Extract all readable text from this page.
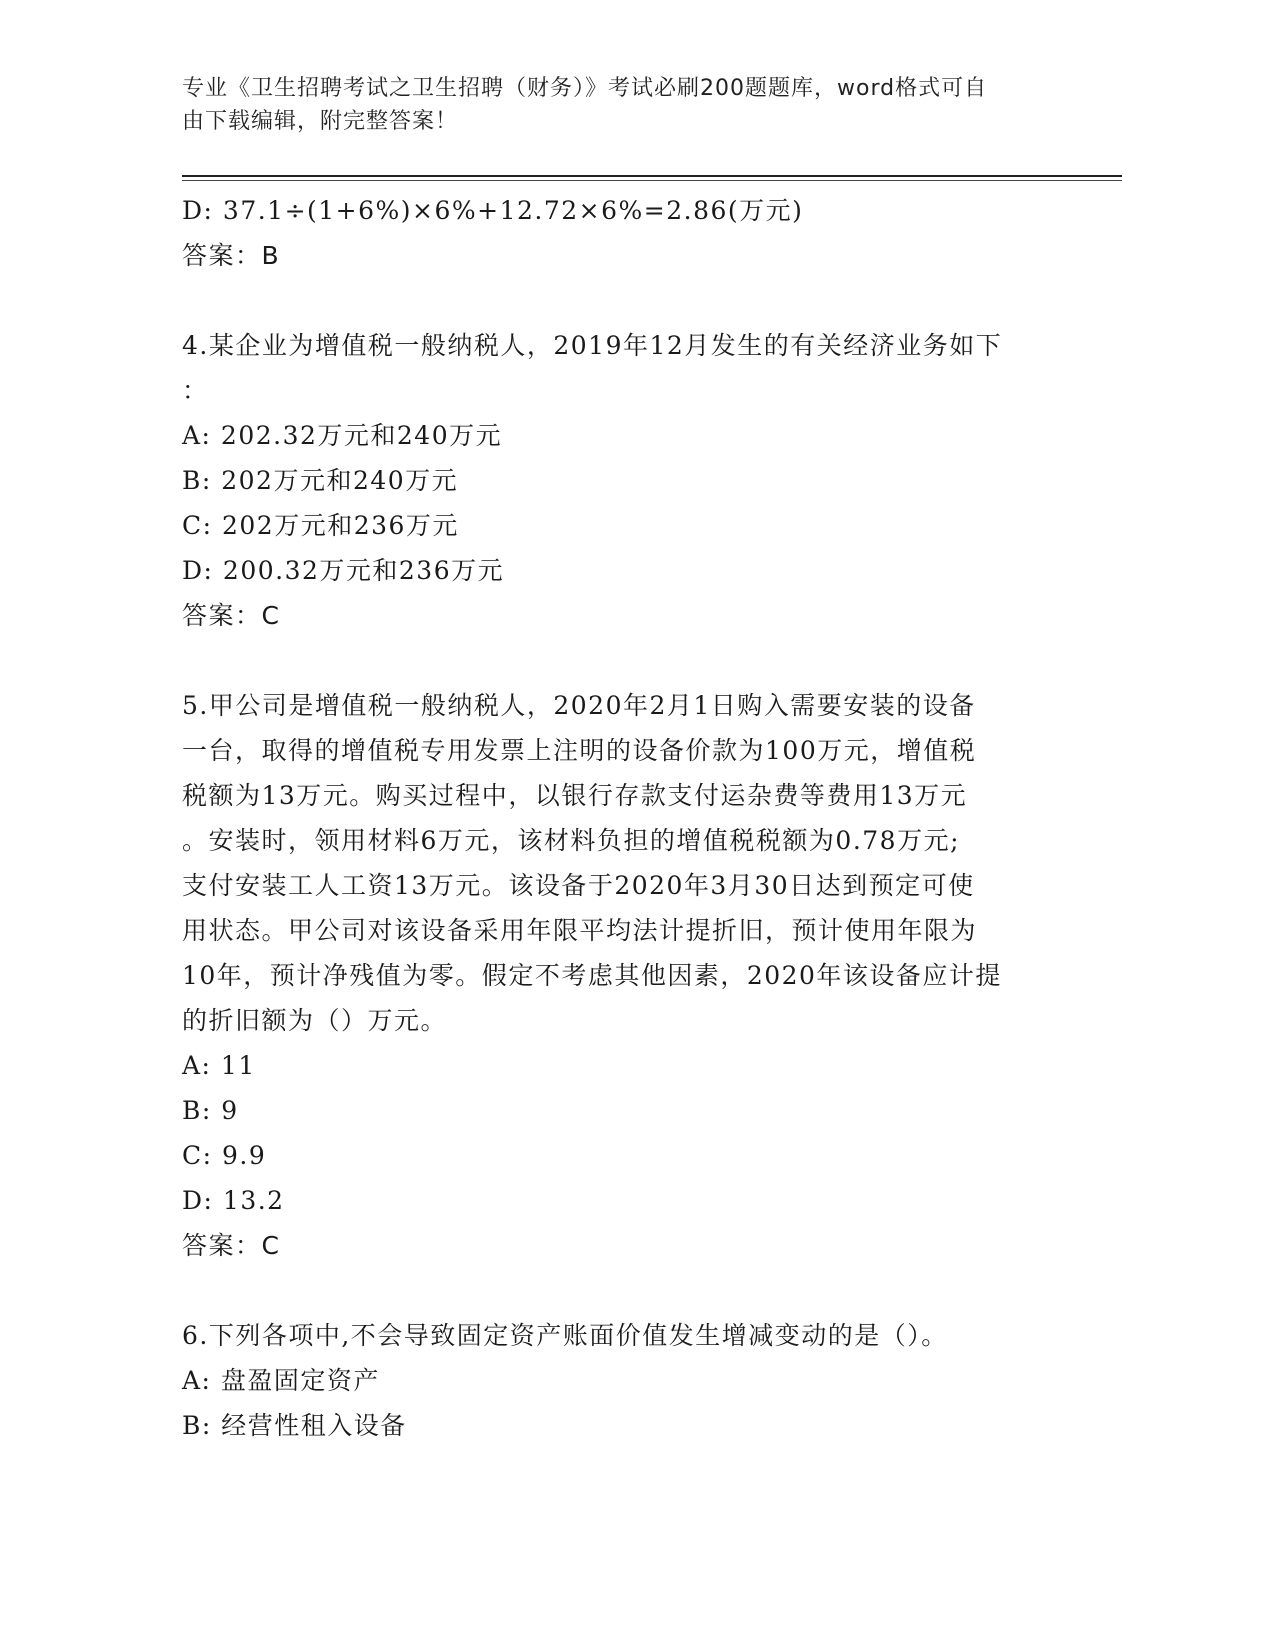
专业《卫生招聘考试之卫生招聘（财务）》考试必刷200题题库，word格式可自
由下载编辑，附完整答案！
D: 37.1÷(1+6%)×6%+12.72×6%=2.86(万元)
答案：B
4.某企业为增值税一般纳税人，2019年12月发生的有关经济业务如下
：
A: 202.32万元和240万元
B: 202万元和240万元
C: 202万元和236万元
D: 200.32万元和236万元
答案：C
5.甲公司是增值税一般纳税人，2020年2月1日购入需要安装的设备
一台，取得的增值税专用发票上注明的设备价款为100万元，增值税
税额为13万元。购买过程中，以银行存款支付运杂费等费用13万元
。安装时，领用材料6万元，该材料负担的增值税税额为0.78万元;
支付安装工人工资13万元。该设备于2020年3月30日达到预定可使
用状态。甲公司对该设备采用年限平均法计提折旧，预计使用年限为
10年，预计净残值为零。假定不考虑其他因素，2020年该设备应计提
的折旧额为（）万元。
A: 11
B: 9
C: 9.9
D: 13.2
答案：C
6.下列各项中,不会导致固定资产账面价值发生增减变动的是（）。
A: 盘盈固定资产
B: 经营性租入设备
